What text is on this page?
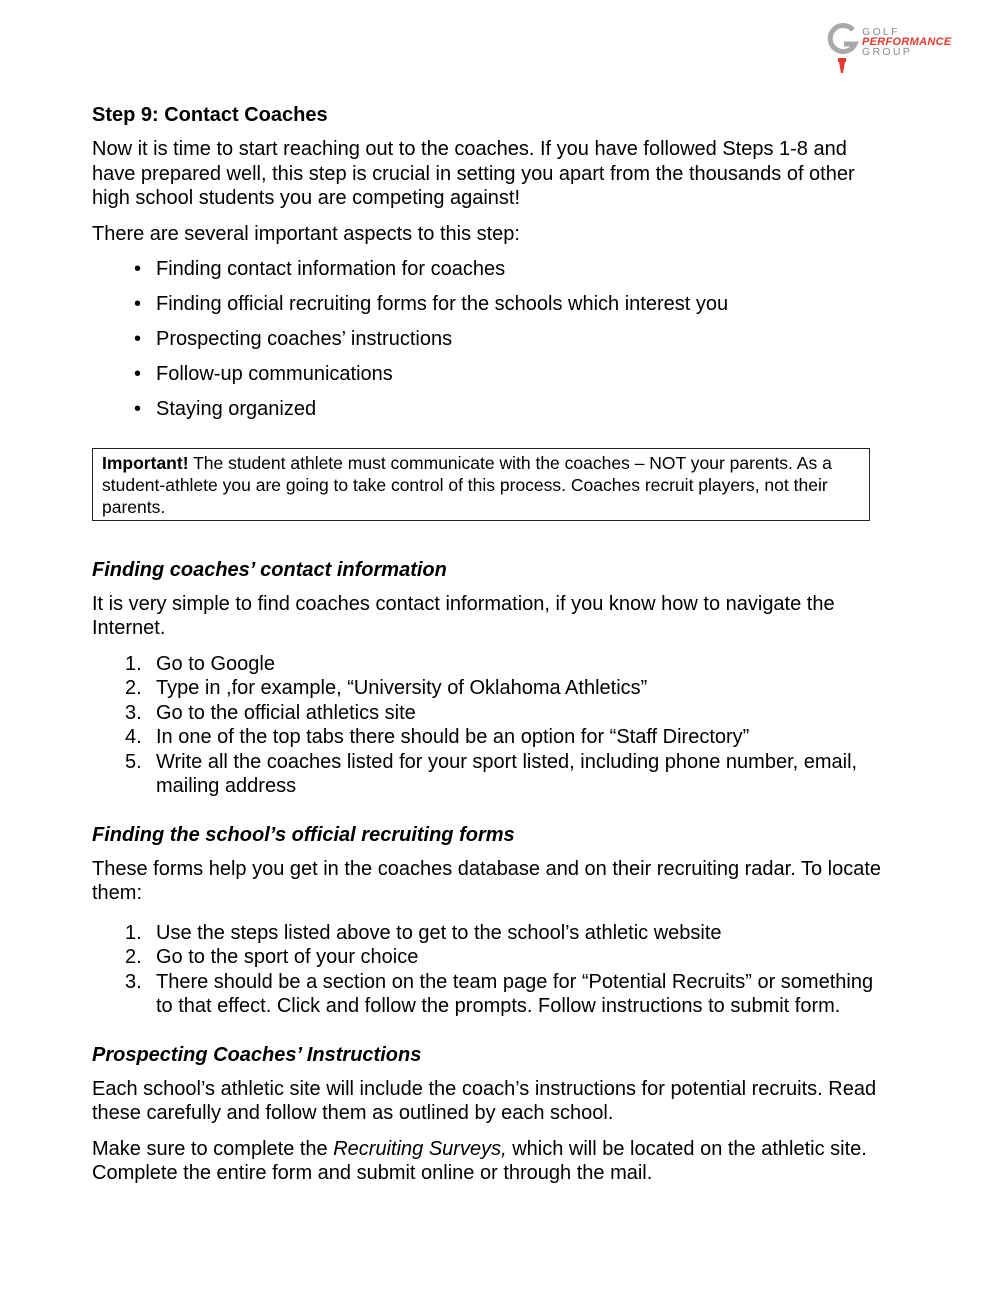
GOLF
PERFORMANCE
GROUP
Step 9: Contact Coaches

Now it is time to start reaching out to the coaches. If you have followed Steps 1-8 and have prepared well, this step is crucial in setting you apart from the thousands of other high school students you are competing against!

There are several important aspects to this step:

• Finding contact information for coaches
• Finding official recruiting forms for the schools which interest you
• Prospecting coaches’ instructions
• Follow-up communications
• Staying organized
Important! The student athlete must communicate with the coaches – NOT your parents. As a student-athlete you are going to take control of this process. Coaches recruit players, not their parents.
Finding coaches’ contact information

It is very simple to find coaches contact information, if you know how to navigate the Internet.

1. Go to Google
2. Type in ,for example, “University of Oklahoma Athletics”
3. Go to the official athletics site
4. In one of the top tabs there should be an option for “Staff Directory”
5. Write all the coaches listed for your sport listed, including phone number, email, mailing address
Finding the school’s official recruiting forms

These forms help you get in the coaches database and on their recruiting radar. To locate them:

1. Use the steps listed above to get to the school’s athletic website
2. Go to the sport of your choice
3. There should be a section on the team page for “Potential Recruits” or something to that effect. Click and follow the prompts. Follow instructions to submit form.
Prospecting Coaches’ Instructions

Each school’s athletic site will include the coach’s instructions for potential recruits. Read these carefully and follow them as outlined by each school.

Make sure to complete the Recruiting Surveys, which will be located on the athletic site. Complete the entire form and submit online or through the mail.
